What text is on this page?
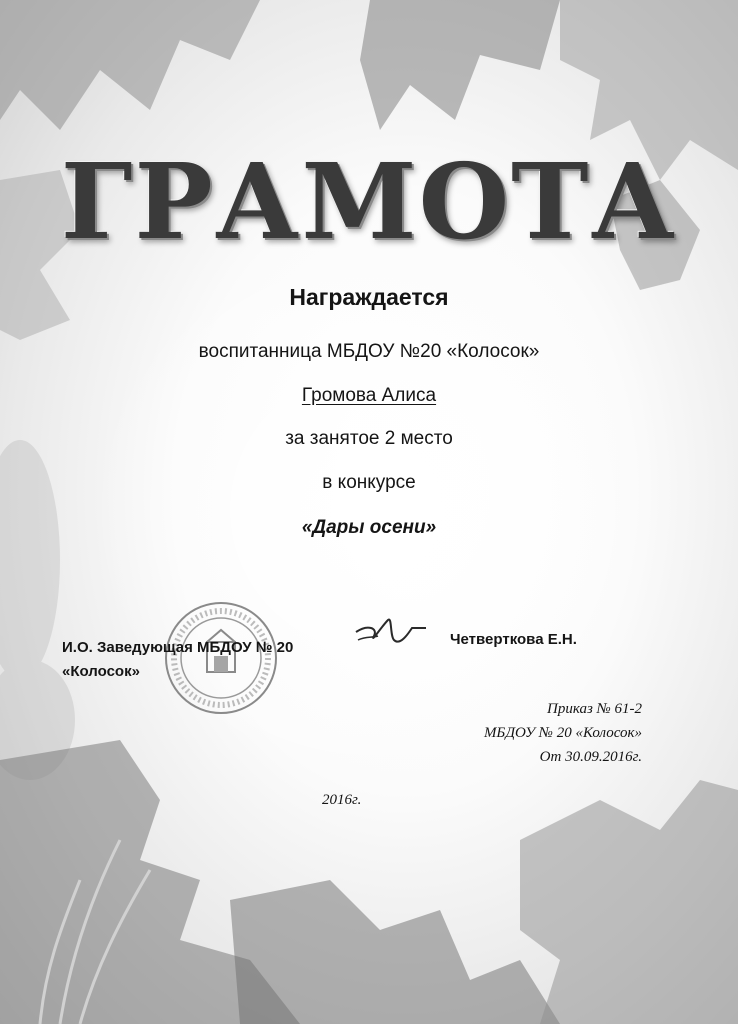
ГРАМОТА
Награждается
воспитанница МБДОУ №20 «Колосок»
Громова Алиса
за занятое 2 место
в конкурсе
«Дары осени»
И.О. Заведующая МБДОУ № 20
«Колосок»
Четверткова Е.Н.
Приказ № 61-2
МБДОУ № 20 «Колосок»
От 30.09.2016г.
2016г.
